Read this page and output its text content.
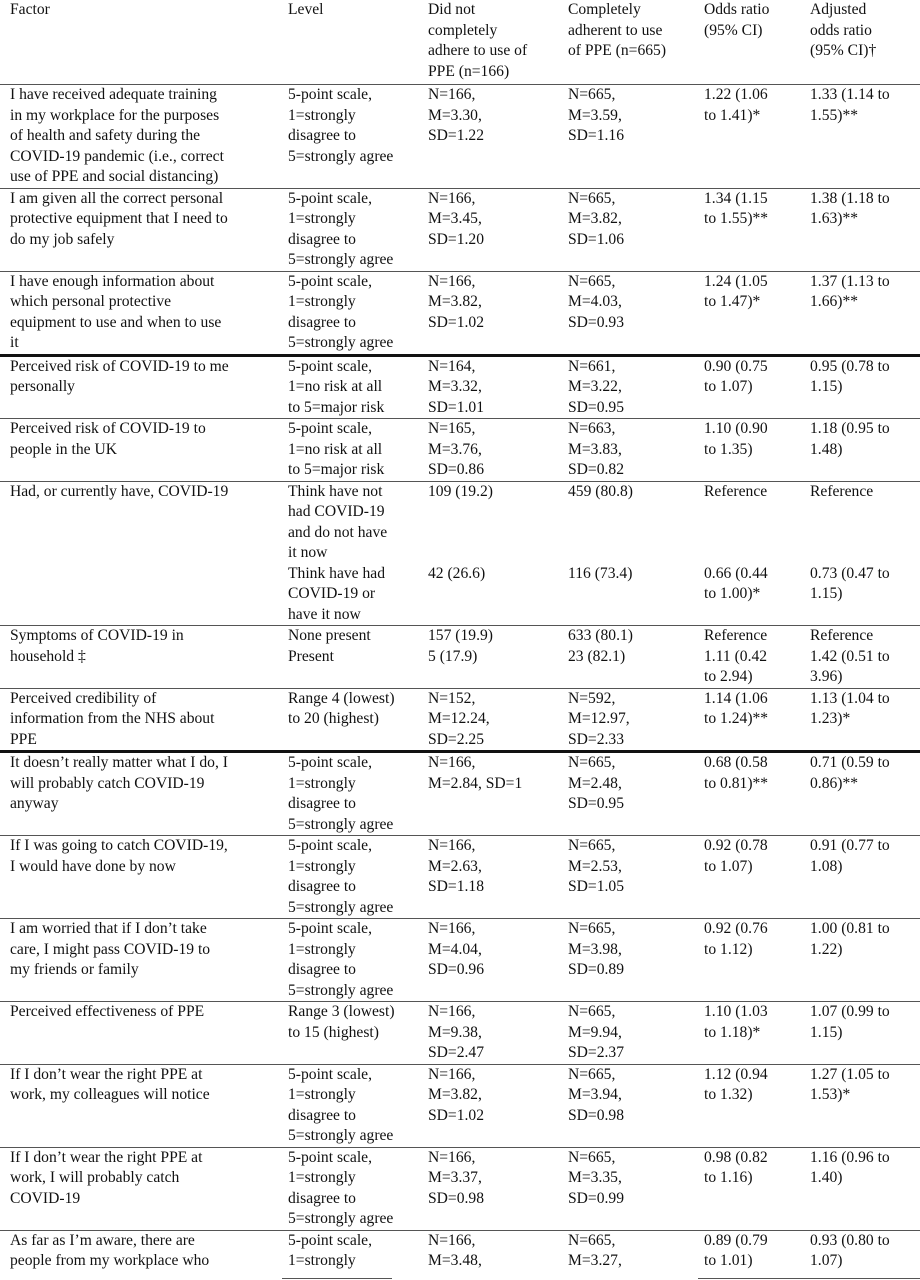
Factor	Level	Did not
completely
adhere to use of
PPE (n=166)	Completely
adherent to use
of PPE (n=665)	Odds ratio
(95% CI)	Adjusted
odds ratio
(95% CI)†

I have received adequate training
in my workplace for the purposes
of health and safety during the
COVID-19 pandemic (i.e., correct
use of PPE and social distancing)	5-point scale,
1=strongly
disagree to
5=strongly agree	N=166,
M=3.30,
SD=1.22	N=665,
M=3.59,
SD=1.16	1.22 (1.06
to 1.41)*	1.33 (1.14 to
1.55)**

I am given all the correct personal
protective equipment that I need to
do my job safely	5-point scale,
1=strongly
disagree to
5=strongly agree	N=166,
M=3.45,
SD=1.20	N=665,
M=3.82,
SD=1.06	1.34 (1.15
to 1.55)**	1.38 (1.18 to
1.63)**

I have enough information about
which personal protective
equipment to use and when to use
it	5-point scale,
1=strongly
disagree to
5=strongly agree	N=166,
M=3.82,
SD=1.02	N=665,
M=4.03,
SD=0.93	1.24 (1.05
to 1.47)*	1.37 (1.13 to
1.66)**

Perceived risk of COVID-19 to me
personally	5-point scale,
1=no risk at all
to 5=major risk	N=164,
M=3.32,
SD=1.01	N=661,
M=3.22,
SD=0.95	0.90 (0.75
to 1.07)	0.95 (0.78 to
1.15)

Perceived risk of COVID-19 to
people in the UK	5-point scale,
1=no risk at all
to 5=major risk	N=165,
M=3.76,
SD=0.86	N=663,
M=3.83,
SD=0.82	1.10 (0.90
to 1.35)	1.18 (0.95 to
1.48)

Had, or currently have, COVID-19	Think have not
had COVID-19
and do not have
it now	109 (19.2)	459 (80.8)	Reference	Reference

	Think have had
COVID-19 or
have it now	42 (26.6)	116 (73.4)	0.66 (0.44
to 1.00)*	0.73 (0.47 to
1.15)

Symptoms of COVID-19 in
household ‡	None present
Present	157 (19.9)
5 (17.9)	633 (80.1)
23 (82.1)	Reference
1.11 (0.42
to 2.94)	Reference
1.42 (0.51 to
3.96)

Perceived credibility of
information from the NHS about
PPE	Range 4 (lowest)
to 20 (highest)	N=152,
M=12.24,
SD=2.25	N=592,
M=12.97,
SD=2.33	1.14 (1.06
to 1.24)**	1.13 (1.04 to
1.23)*

It doesn’t really matter what I do, I
will probably catch COVID-19
anyway	5-point scale,
1=strongly
disagree to
5=strongly agree	N=166,
M=2.84, SD=1	N=665,
M=2.48,
SD=0.95	0.68 (0.58
to 0.81)**	0.71 (0.59 to
0.86)**

If I was going to catch COVID-19,
I would have done by now	5-point scale,
1=strongly
disagree to
5=strongly agree	N=166,
M=2.63,
SD=1.18	N=665,
M=2.53,
SD=1.05	0.92 (0.78
to 1.07)	0.91 (0.77 to
1.08)

I am worried that if I don’t take
care, I might pass COVID-19 to
my friends or family	5-point scale,
1=strongly
disagree to
5=strongly agree	N=166,
M=4.04,
SD=0.96	N=665,
M=3.98,
SD=0.89	0.92 (0.76
to 1.12)	1.00 (0.81 to
1.22)

Perceived effectiveness of PPE	Range 3 (lowest)
to 15 (highest)	N=166,
M=9.38,
SD=2.47	N=665,
M=9.94,
SD=2.37	1.10 (1.03
to 1.18)*	1.07 (0.99 to
1.15)

If I don’t wear the right PPE at
work, my colleagues will notice	5-point scale,
1=strongly
disagree to
5=strongly agree	N=166,
M=3.82,
SD=1.02	N=665,
M=3.94,
SD=0.98	1.12 (0.94
to 1.32)	1.27 (1.05 to
1.53)*

If I don’t wear the right PPE at
work, I will probably catch
COVID-19	5-point scale,
1=strongly
disagree to
5=strongly agree	N=166,
M=3.37,
SD=0.98	N=665,
M=3.35,
SD=0.99	0.98 (0.82
to 1.16)	1.16 (0.96 to
1.40)

As far as I’m aware, there are
people from my workplace who	5-point scale,
1=strongly	N=166,
M=3.48,	N=665,
M=3.27,	0.89 (0.79
to 1.01)	0.93 (0.80 to
1.07)
